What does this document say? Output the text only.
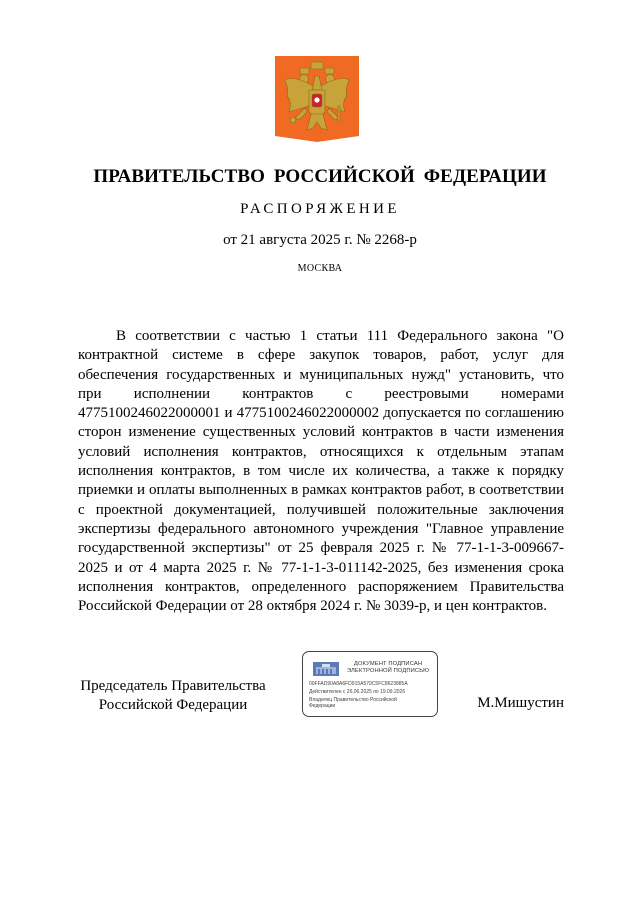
ПРАВИТЕЛЬСТВО РОССИЙСКОЙ ФЕДЕРАЦИИ
РАСПОРЯЖЕНИЕ
от 21 августа 2025 г. № 2268-р
МОСКВА

В соответствии с частью 1 статьи 111 Федерального закона "О контрактной системе в сфере закупок товаров, работ, услуг для обеспечения государственных и муниципальных нужд" установить, что при исполнении контрактов с реестровыми номерами 4775100246022000001 и 4775100246022000002 допускается по соглашению сторон изменение существенных условий контрактов в части изменения условий исполнения контрактов, относящихся к отдельным этапам исполнения контрактов, в том числе их количества, а также к порядку приемки и оплаты выполненных в рамках контрактов работ, в соответствии с проектной документацией, получившей положительные заключения экспертизы федерального автономного учреждения "Главное управление государственной экспертизы" от 25 февраля 2025 г. № 77-1-1-3-009667-2025 и от 4 марта 2025 г. № 77-1-1-3-011142-2025, без изменения срока исполнения контрактов, определенного распоряжением Правительства Российской Федерации от 28 октября 2024 г. № 3039-р, и цен контрактов.

Председатель Правительства
Российской Федерации
ДОКУМЕНТ ПОДПИСАН
ЭЛЕКТРОННОЙ ПОДПИСЬЮ
00FFAD90A8A6FD915A579C5FC8623885A
Действителен с 26.06.2025 по 19.09.2026
Владелец Правительство Российской
Федерации	М.Мишустин
